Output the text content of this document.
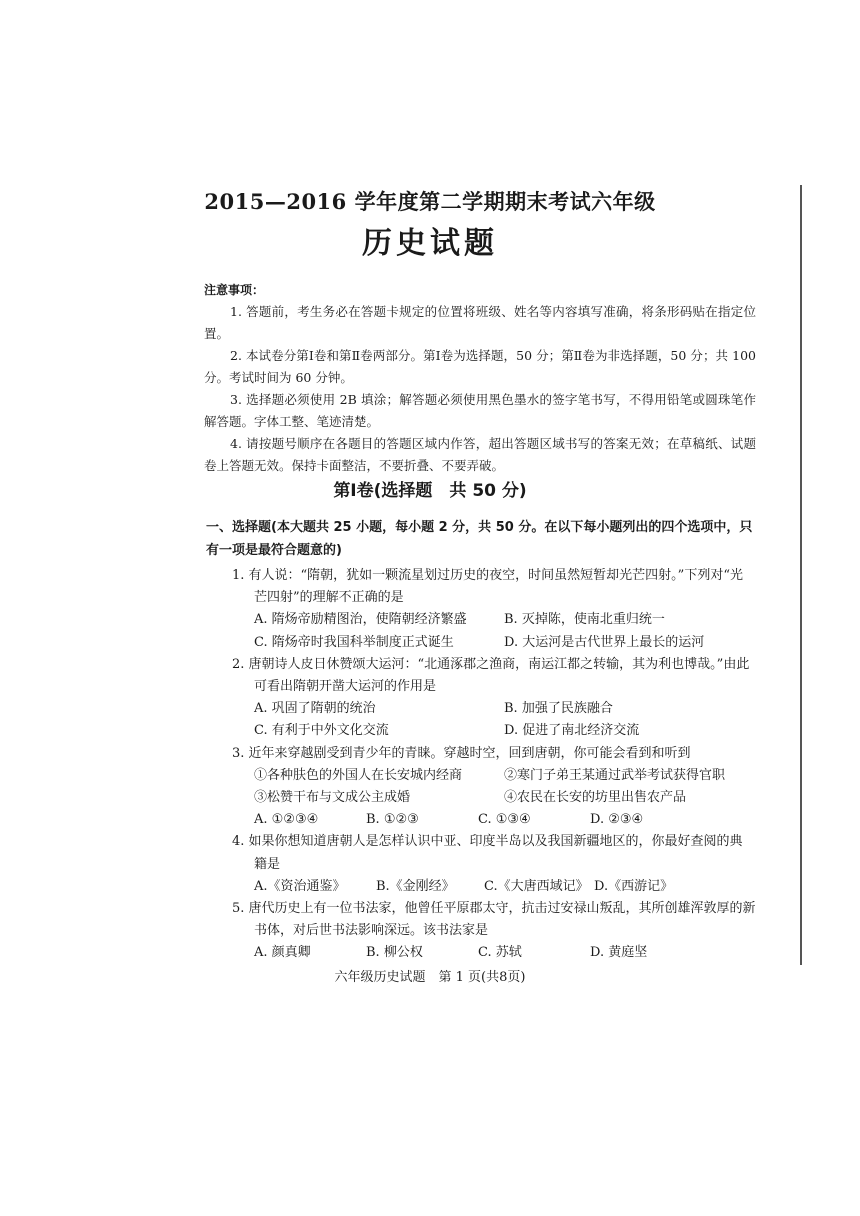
2015—2016 学年度第二学期期末考试六年级
历史试题
注意事项：

1. 答题前，考生务必在答题卡规定的位置将班级、姓名等内容填写准确，将条形码贴在指定位置。

2. 本试卷分第Ⅰ卷和第Ⅱ卷两部分。第Ⅰ卷为选择题，50 分；第Ⅱ卷为非选择题，50 分；共 100 分。考试时间为 60 分钟。

3. 选择题必须使用 2B 填涂；解答题必须使用黑色墨水的签字笔书写，不得用铅笔或圆珠笔作解答题。字体工整、笔迹清楚。

4. 请按题号顺序在各题目的答题区域内作答，超出答题区域书写的答案无效；在草稿纸、试题卷上答题无效。保持卡面整洁，不要折叠、不要弄破。

第Ⅰ卷(选择题　共 50 分)
一、选择题(本大题共 25 小题，每小题 2 分，共 50 分。在以下每小题列出的四个选项中，只有一项是最符合题意的)
1. 有人说：“隋朝，犹如一颗流星划过历史的夜空，时间虽然短暂却光芒四射。”下列对“光
芒四射”的理解不正确的是
A. 隋炀帝励精图治，使隋朝经济繁盛	B. 灭掉陈，使南北重归统一
C. 隋炀帝时我国科举制度正式诞生	D. 大运河是古代世界上最长的运河
2. 唐朝诗人皮日休赞颂大运河：“北通涿郡之渔商，南运江都之转输，其为利也博哉。”由此
可看出隋朝开凿大运河的作用是
A. 巩固了隋朝的统治	B. 加强了民族融合
C. 有利于中外文化交流	D. 促进了南北经济交流
3. 近年来穿越剧受到青少年的青睐。穿越时空，回到唐朝，你可能会看到和听到
①各种肤色的外国人在长安城内经商	②寒门子弟王某通过武举考试获得官职
③松赞干布与文成公主成婚	④农民在长安的坊里出售农产品
A. ①②③④	B. ①②③	C. ①③④	D. ②③④
4. 如果你想知道唐朝人是怎样认识中亚、印度半岛以及我国新疆地区的，你最好查阅的典
籍是
A.《资治通鉴》	B.《金刚经》	C.《大唐西域记》 D.《西游记》
5. 唐代历史上有一位书法家，他曾任平原郡太守，抗击过安禄山叛乱，其所创雄浑敦厚的新
书体，对后世书法影响深远。该书法家是
A. 颜真卿	B. 柳公权	C. 苏轼	D. 黄庭坚
六年级历史试题　第 1 页(共8页)
